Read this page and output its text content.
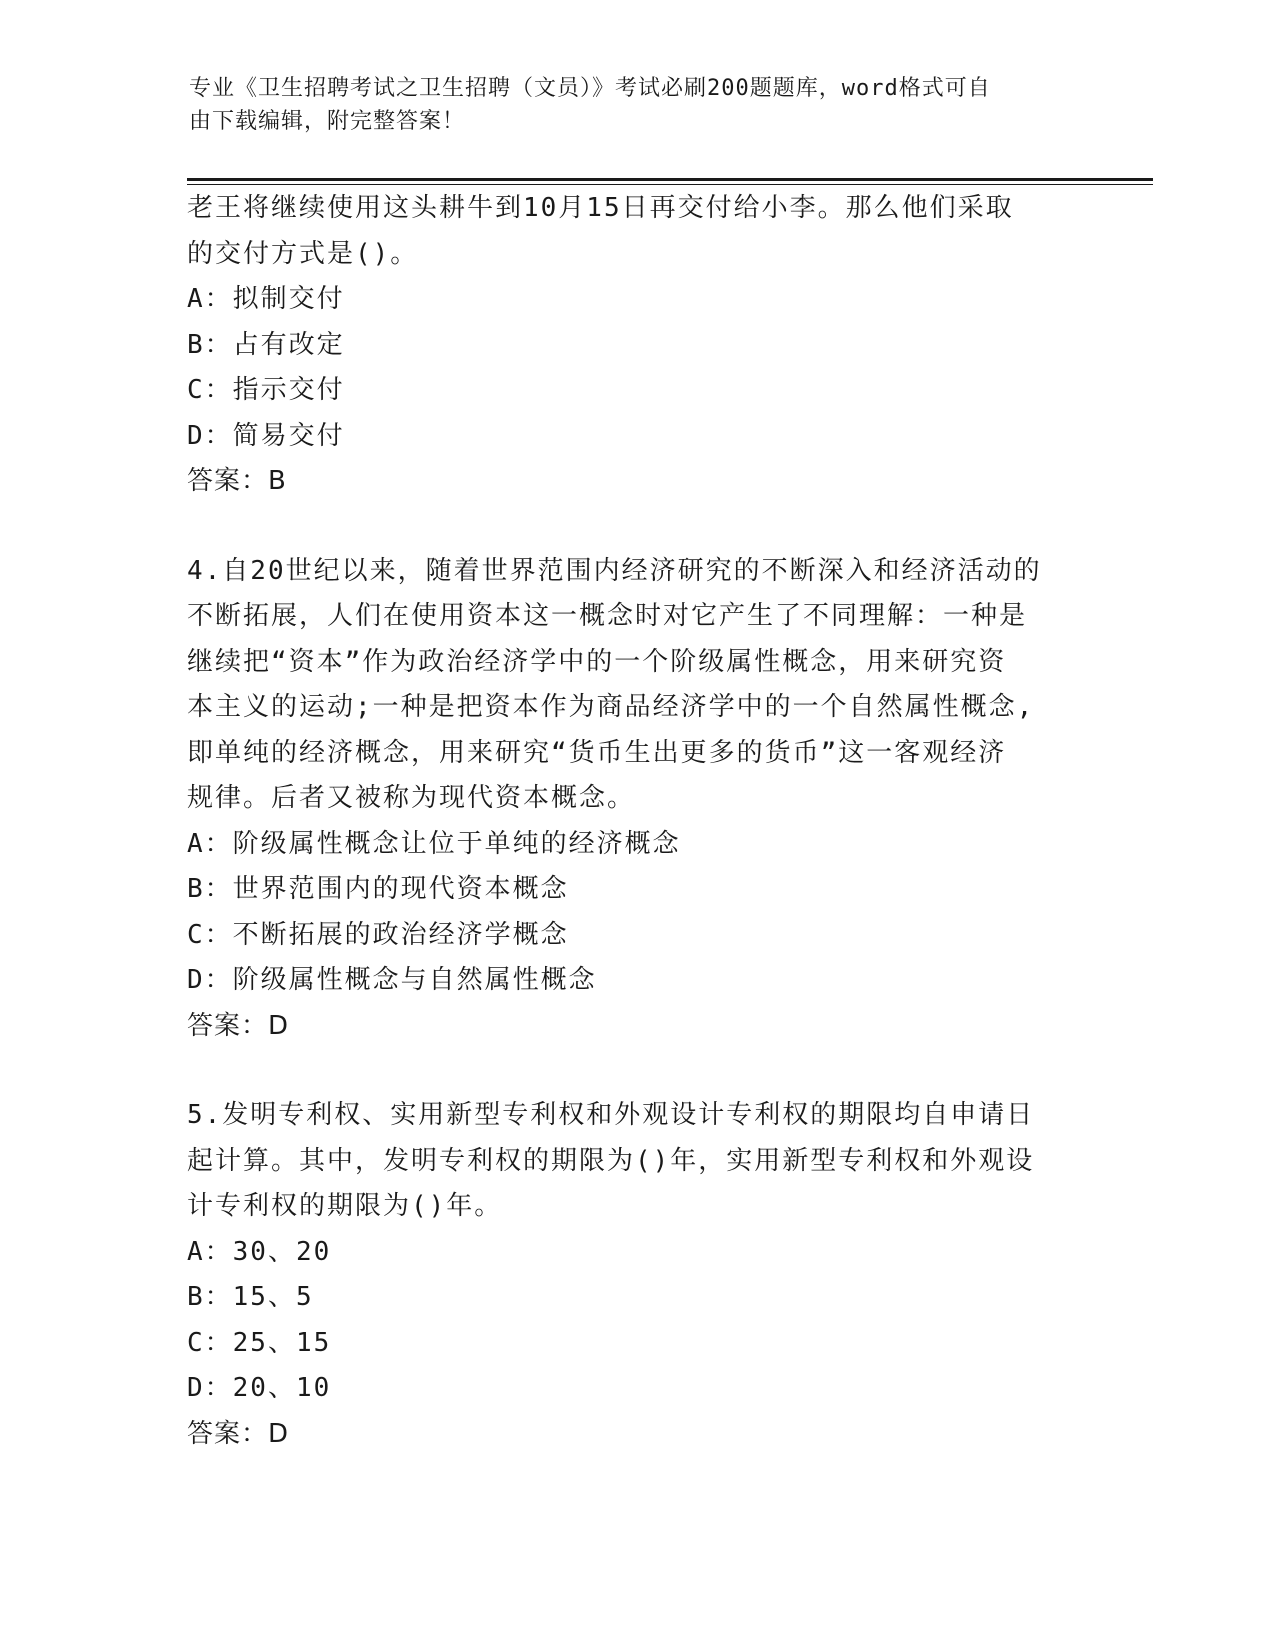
专业《卫生招聘考试之卫生招聘（文员）》考试必刷200题题库，word格式可自
由下载编辑，附完整答案！

老王将继续使用这头耕牛到10月15日再交付给小李。那么他们采取

的交付方式是()。

A：拟制交付

B：占有改定

C：指示交付

D：简易交付

答案：B

4.自20世纪以来，随着世界范围内经济研究的不断深入和经济活动的

不断拓展，人们在使用资本这一概念时对它产生了不同理解：一种是

继续把“资本”作为政治经济学中的一个阶级属性概念，用来研究资

本主义的运动;一种是把资本作为商品经济学中的一个自然属性概念,

即单纯的经济概念，用来研究“货币生出更多的货币”这一客观经济

规律。后者又被称为现代资本概念。

A：阶级属性概念让位于单纯的经济概念

B：世界范围内的现代资本概念

C：不断拓展的政治经济学概念

D：阶级属性概念与自然属性概念

答案：D

5.发明专利权、实用新型专利权和外观设计专利权的期限均自申请日

起计算。其中，发明专利权的期限为()年，实用新型专利权和外观设

计专利权的期限为()年。

A：30、20

B：15、5

C：25、15

D：20、10

答案：D
